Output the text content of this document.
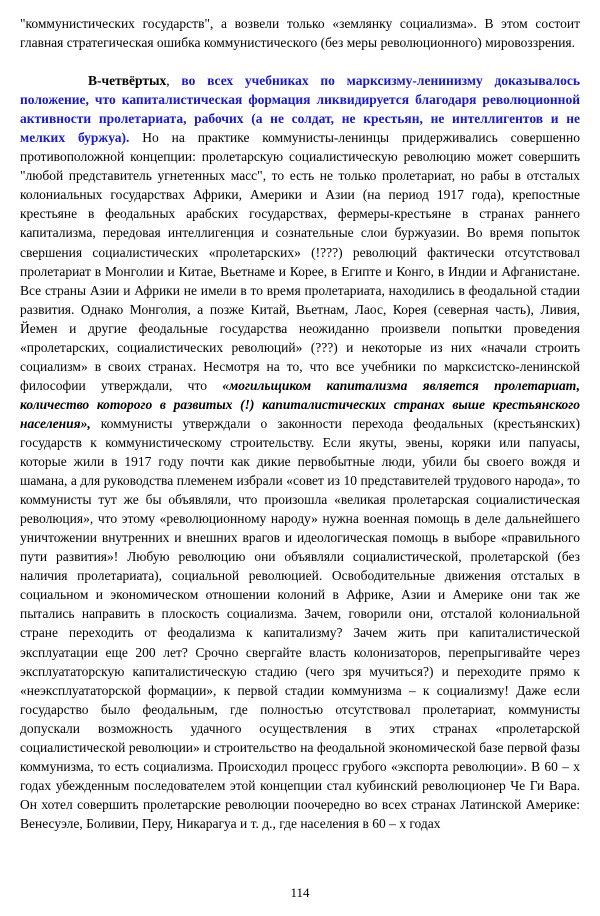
"коммунистических государств", а возвели только «землянку социализма». В этом состоит главная стратегическая ошибка коммунистического (без меры революционного) мировоззрения.

В-четвёртых, во всех учебниках по марксизму-ленинизму доказывалось положение, что капиталистическая формация ликвидируется благодаря революционной активности пролетариата, рабочих (а не солдат, не крестьян, не интеллигентов и не мелких буржуа). Но на практике коммунисты-ленинцы придерживались совершенно противоположной концепции: пролетарскую социалистическую революцию может совершить "любой представитель угнетенных масс", то есть не только пролетариат, но рабы в отсталых колониальных государствах Африки, Америки и Азии (на период 1917 года), крепостные крестьяне в феодальных арабских государствах, фермеры-крестьяне в странах раннего капитализма, передовая интеллигенция и сознательные слои буржуазии. Во время попыток свершения социалистических «пролетарских» (!???) революций фактически отсутствовал пролетариат в Монголии и Китае, Вьетнаме и Корее, в Египте и Конго, в Индии и Афганистане. Все страны Азии и Африки не имели в то время пролетариата, находились в феодальной стадии развития. Однако Монголия, а позже Китай, Вьетнам, Лаос, Корея (северная часть), Ливия, Йемен и другие феодальные государства неожиданно произвели попытки проведения «пролетарских, социалистических революций» (???) и некоторые из них «начали строить социализм» в своих странах. Несмотря на то, что все учебники по марксистско-ленинской философии утверждали, что «могильщиком капитализма является пролетариат, количество которого в развитых (!) капиталистических странах выше крестьянского населения», коммунисты утверждали о законности перехода феодальных (крестьянских) государств к коммунистическому строительству. Если якуты, эвены, коряки или папуасы, которые жили в 1917 году почти как дикие первобытные люди, убили бы своего вождя и шамана, а для руководства племенем избрали «совет из 10 представителей трудового народа», то коммунисты тут же бы объявляли, что произошла «великая пролетарская социалистическая революция», что этому «революционному народу» нужна военная помощь в деле дальнейшего уничтожении внутренних и внешних врагов и идеологическая помощь в выборе «правильного пути развития»! Любую революцию они объявляли социалистической, пролетарской (без наличия пролетариата), социальной революцией. Освободительные движения отсталых в социальном и экономическом отношении колоний в Африке, Азии и Америке они так же пытались направить в плоскость социализма. Зачем, говорили они, отсталой колониальной стране переходить от феодализма к капитализму? Зачем жить при капиталистической эксплуатации еще 200 лет? Срочно свергайте власть колонизаторов, перепрыгивайте через эксплуататорскую капиталистическую стадию (чего зря мучиться?) и переходите прямо к «неэксплуататорской формации», к первой стадии коммунизма – к социализму! Даже если государство было феодальным, где полностью отсутствовал пролетариат, коммунисты допускали возможность удачного осуществления в этих странах «пролетарской социалистической революции» и строительство на феодальной экономической базе первой фазы коммунизма, то есть социализма. Происходил процесс грубого «экспорта революции». В 60 – х годах убежденным последователем этой концепции стал кубинский революционер Че Ги Вара. Он хотел совершить пролетарские революции поочередно во всех странах Латинской Америке: Венесуэле, Боливии, Перу, Никарагуа и т. д., где населения в 60 – х годах

114
